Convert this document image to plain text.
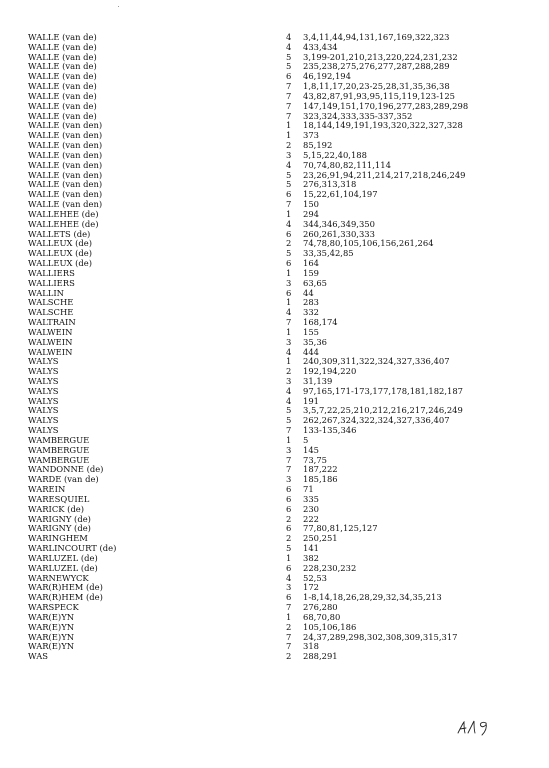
WALLE (van de)	4 3,4,11,44,94,131,167,169,322,323
WALLE (van de)	4 433,434
WALLE (van de)	5 3,199-201,210,213,220,224,231,232
WALLE (van de)	5 235,238,275,276,277,287,288,289
WALLE (van de)	6 46,192,194
WALLE (van de)	7 1,8,11,17,20,23-25,28,31,35,36,38
WALLE (van de)	7 43,82,87,91,93,95,115,119,123-125
WALLE (van de)	7 147,149,151,170,196,277,283,289,298
WALLE (van de)	7 323,324,333,335-337,352
WALLE (van den)	1 18,144,149,191,193,320,322,327,328
WALLE (van den)	1 373
WALLE (van den)	2 85,192
WALLE (van den)	3 5,15,22,40,188
WALLE (van den)	4 70,74,80,82,111,114
WALLE (van den)	5 23,26,91,94,211,214,217,218,246,249
WALLE (van den)	5 276,313,318
WALLE (van den)	6 15,22,61,104,197
WALLE (van den)	7 150
WALLEHEE (de)	1 294
WALLEHEE (de)	4 344,346,349,350
WALLETS (de)	6 260,261,330,333
WALLEUX (de)	2 74,78,80,105,106,156,261,264
WALLEUX (de)	5 33,35,42,85
WALLEUX (de)	6 164
WALLIERS	1 159
WALLIERS	3 63,65
WALLIN	6 44
WALSCHE	1 283
WALSCHE	4 332
WALTRAIN	7 168,174
WALWEIN	1 155
WALWEIN	3 35,36
WALWEIN	4 444
WALYS	1 240,309,311,322,324,327,336,407
WALYS	2 192,194,220
WALYS	3 31,139
WALYS	4 97,165,171-173,177,178,181,182,187
WALYS	4 191
WALYS	5 3,5,7,22,25,210,212,216,217,246,249
WALYS	5 262,267,324,322,324,327,336,407
WALYS	7 133-135,346
WAMBERGUE	1 5
WAMBERGUE	3 145
WAMBERGUE	7 73,75
WANDONNE (de)	7 187,222
WARDE (van de)	3 185,186
WAREIN	6 71
WARESQUIEL	6 335
WARICK (de)	6 230
WARIGNY (de)	2 222
WARIGNY (de)	6 77,80,81,125,127
WARINGHEM	2 250,251
WARLINCOURT (de)	5 141
WARLUZEL (de)	1 382
WARLUZEL (de)	6 228,230,232
WARNEWYCK	4 52,53
WAR(R)HEM (de)	3 172
WAR(R)HEM (de)	6 1-8,14,18,26,28,29,32,34,35,213
WARSPECK	7 276,280
WAR(E)YN	1 68,70,80
WAR(E)YN	2 105,106,186
WAR(E)YN	7 24,37,289,298,302,308,309,315,317
WAR(E)YN	7 318
WAS	2 288,291
